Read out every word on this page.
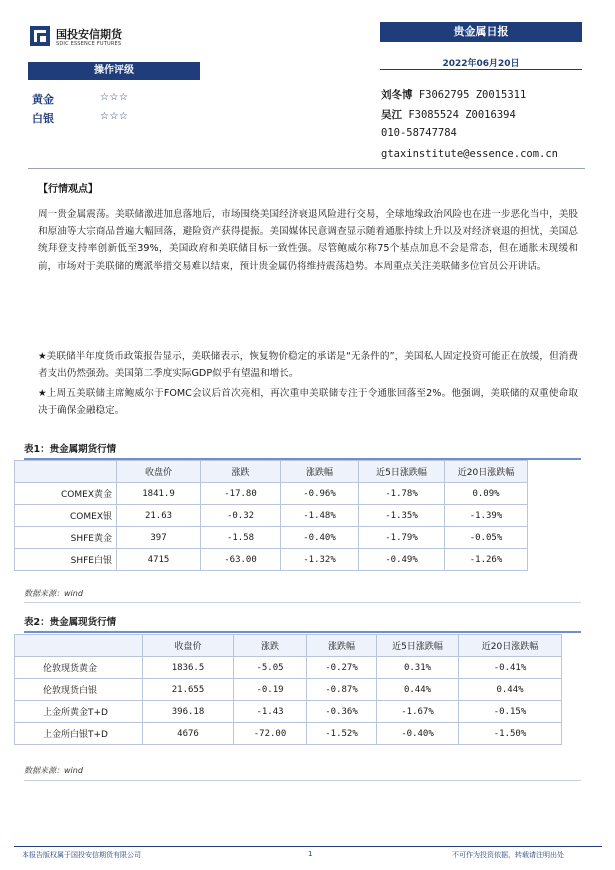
国投安信期货
SDIC ESSENCE FUTURES
贵金属日报
2022年06月20日
操作评级
黄金	☆☆☆
白银	☆☆☆
刘冬博 F3062795 Z0015311
吴江 F3085524 Z0016394
010-58747784
gtaxinstitute@essence.com.cn
【行情观点】
周一贵金属震荡。美联储激进加息落地后，市场围绕美国经济衰退风险进行交易，全球地缘政治风险也在进一步恶化当中，美股和原油等大宗商品普遍大幅回落，避险资产获得提振。美国媒体民意调查显示随着通胀持续上升以及对经济衰退的担忧，美国总统拜登支持率创新低至39%，美国政府和美联储目标一致性强。尽管鲍威尔称75个基点加息不会是常态，但在通胀未现缓和前，市场对于美联储的鹰派举措交易难以结束，预计贵金属仍将维持震荡趋势。本周重点关注美联储多位官员公开讲话。
★美联储半年度货币政策报告显示，美联储表示，恢复物价稳定的承诺是“无条件的”，美国私人固定投资可能正在放缓，但消费者支出仍然强劲。美国第二季度实际GDP似乎有望温和增长。
★上周五美联储主席鲍威尔于FOMC会议后首次亮相，再次重申美联储专注于令通胀回落至2%。他强调，美联储的双重使命取决于确保金融稳定。
表1：贵金属期货行情
	收盘价	涨跌	涨跌幅	近5日涨跌幅	近20日涨跌幅
COMEX黄金	1841.9	-17.80	-0.96%	-1.78%	0.09%
COMEX银	21.63	-0.32	-1.48%	-1.35%	-1.39%
SHFE黄金	397	-1.58	-0.40%	-1.79%	-0.05%
SHFE白银	4715	-63.00	-1.32%	-0.49%	-1.26%
数据来源：wind
表2：贵金属现货行情
	收盘价	涨跌	涨跌幅	近5日涨跌幅	近20日涨跌幅
伦敦现货黄金	1836.5	-5.05	-0.27%	0.31%	-0.41%
伦敦现货白银	21.655	-0.19	-0.87%	0.44%	0.44%
上金所黄金T+D	396.18	-1.43	-0.36%	-1.67%	-0.15%
上金所白银T+D	4676	-72.00	-1.52%	-0.40%	-1.50%
数据来源：wind
本报告版权属于国投安信期货有限公司	1	不可作为投资依据，转载请注明出处
